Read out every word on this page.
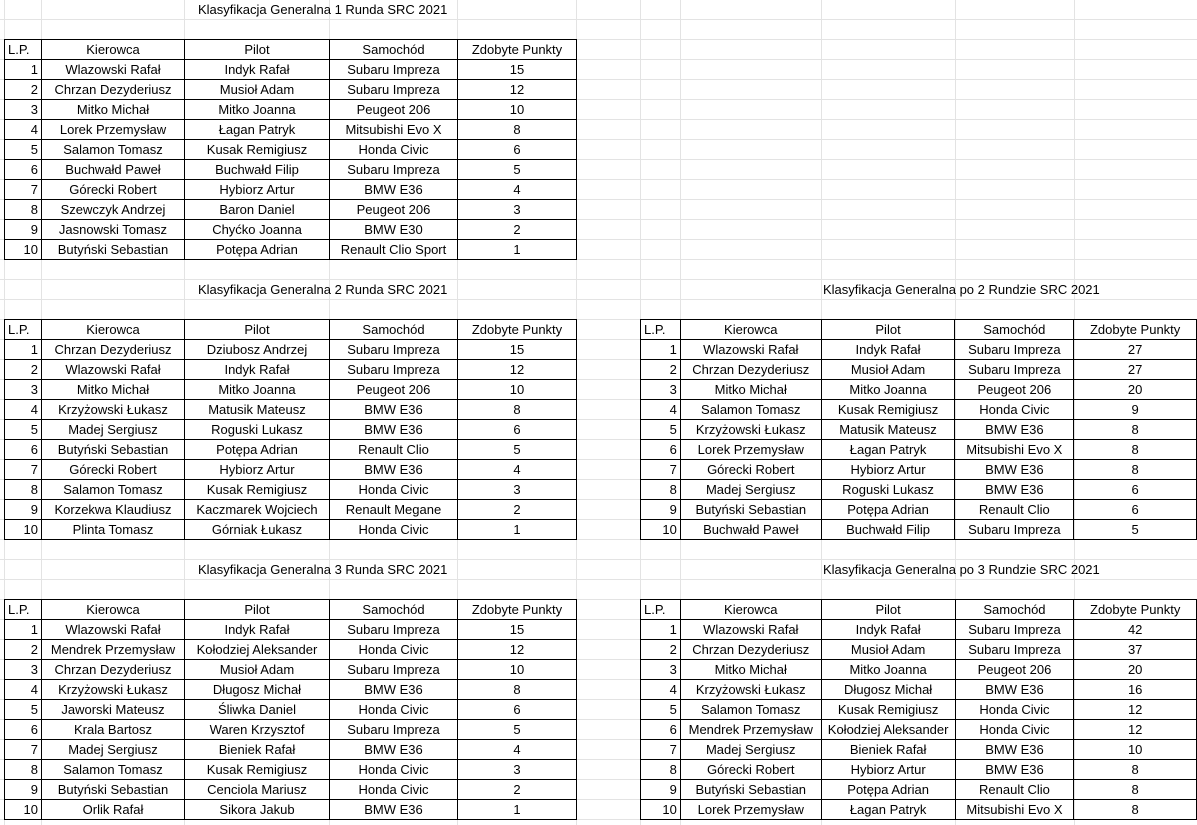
Klasyfikacja Generalna 1 Runda SRC 2021
L.P.	Kierowca	Pilot	Samochód	Zdobyte Punkty
1	Wlazowski Rafał	Indyk Rafał	Subaru Impreza	15
2	Chrzan Dezyderiusz	Musioł Adam	Subaru Impreza	12
3	Mitko Michał	Mitko Joanna	Peugeot 206	10
4	Lorek Przemysław	Łagan Patryk	Mitsubishi Evo X	8
5	Salamon Tomasz	Kusak Remigiusz	Honda Civic	6
6	Buchwałd Paweł	Buchwałd Filip	Subaru Impreza	5
7	Górecki Robert	Hybiorz Artur	BMW E36	4
8	Szewczyk Andrzej	Baron Daniel	Peugeot 206	3
9	Jasnowski Tomasz	Chyćko Joanna	BMW E30	2
10	Butyński Sebastian	Potępa Adrian	Renault Clio Sport	1
Klasyfikacja Generalna 2 Runda SRC 2021
L.P.	Kierowca	Pilot	Samochód	Zdobyte Punkty
1	Chrzan Dezyderiusz	Dziubosz Andrzej	Subaru Impreza	15
2	Wlazowski Rafał	Indyk Rafał	Subaru Impreza	12
3	Mitko Michał	Mitko Joanna	Peugeot 206	10
4	Krzyżowski Łukasz	Matusik Mateusz	BMW E36	8
5	Madej Sergiusz	Roguski Lukasz	BMW E36	6
6	Butyński Sebastian	Potępa Adrian	Renault Clio	5
7	Górecki Robert	Hybiorz Artur	BMW E36	4
8	Salamon Tomasz	Kusak Remigiusz	Honda Civic	3
9	Korzekwa Klaudiusz	Kaczmarek Wojciech	Renault Megane	2
10	Plinta Tomasz	Górniak Łukasz	Honda Civic	1
Klasyfikacja Generalna 3 Runda SRC 2021
L.P.	Kierowca	Pilot	Samochód	Zdobyte Punkty
1	Wlazowski Rafał	Indyk Rafał	Subaru Impreza	15
2	Mendrek Przemysław	Kołodziej Aleksander	Honda Civic	12
3	Chrzan Dezyderiusz	Musioł Adam	Subaru Impreza	10
4	Krzyżowski Łukasz	Długosz Michał	BMW E36	8
5	Jaworski Mateusz	Śliwka Daniel	Honda Civic	6
6	Krala Bartosz	Waren Krzysztof	Subaru Impreza	5
7	Madej Sergiusz	Bieniek Rafał	BMW E36	4
8	Salamon Tomasz	Kusak Remigiusz	Honda Civic	3
9	Butyński Sebastian	Cenciola Mariusz	Honda Civic	2
10	Orlik Rafał	Sikora Jakub	BMW E36	1
Klasyfikacja Generalna po 2 Rundzie SRC 2021
L.P.	Kierowca	Pilot	Samochód	Zdobyte Punkty
1	Wlazowski Rafał	Indyk Rafał	Subaru Impreza	27
2	Chrzan Dezyderiusz	Musioł Adam	Subaru Impreza	27
3	Mitko Michał	Mitko Joanna	Peugeot 206	20
4	Salamon Tomasz	Kusak Remigiusz	Honda Civic	9
5	Krzyżowski Łukasz	Matusik Mateusz	BMW E36	8
6	Lorek Przemysław	Łagan Patryk	Mitsubishi Evo X	8
7	Górecki Robert	Hybiorz Artur	BMW E36	8
8	Madej Sergiusz	Roguski Lukasz	BMW E36	6
9	Butyński Sebastian	Potępa Adrian	Renault Clio	6
10	Buchwałd Paweł	Buchwałd Filip	Subaru Impreza	5
Klasyfikacja Generalna po 3 Rundzie SRC 2021
L.P.	Kierowca	Pilot	Samochód	Zdobyte Punkty
1	Wlazowski Rafał	Indyk Rafał	Subaru Impreza	42
2	Chrzan Dezyderiusz	Musioł Adam	Subaru Impreza	37
3	Mitko Michał	Mitko Joanna	Peugeot 206	20
4	Krzyżowski Łukasz	Długosz Michał	BMW E36	16
5	Salamon Tomasz	Kusak Remigiusz	Honda Civic	12
6	Mendrek Przemysław	Kołodziej Aleksander	Honda Civic	12
7	Madej Sergiusz	Bieniek Rafał	BMW E36	10
8	Górecki Robert	Hybiorz Artur	BMW E36	8
9	Butyński Sebastian	Potępa Adrian	Renault Clio	8
10	Lorek Przemysław	Łagan Patryk	Mitsubishi Evo X	8
